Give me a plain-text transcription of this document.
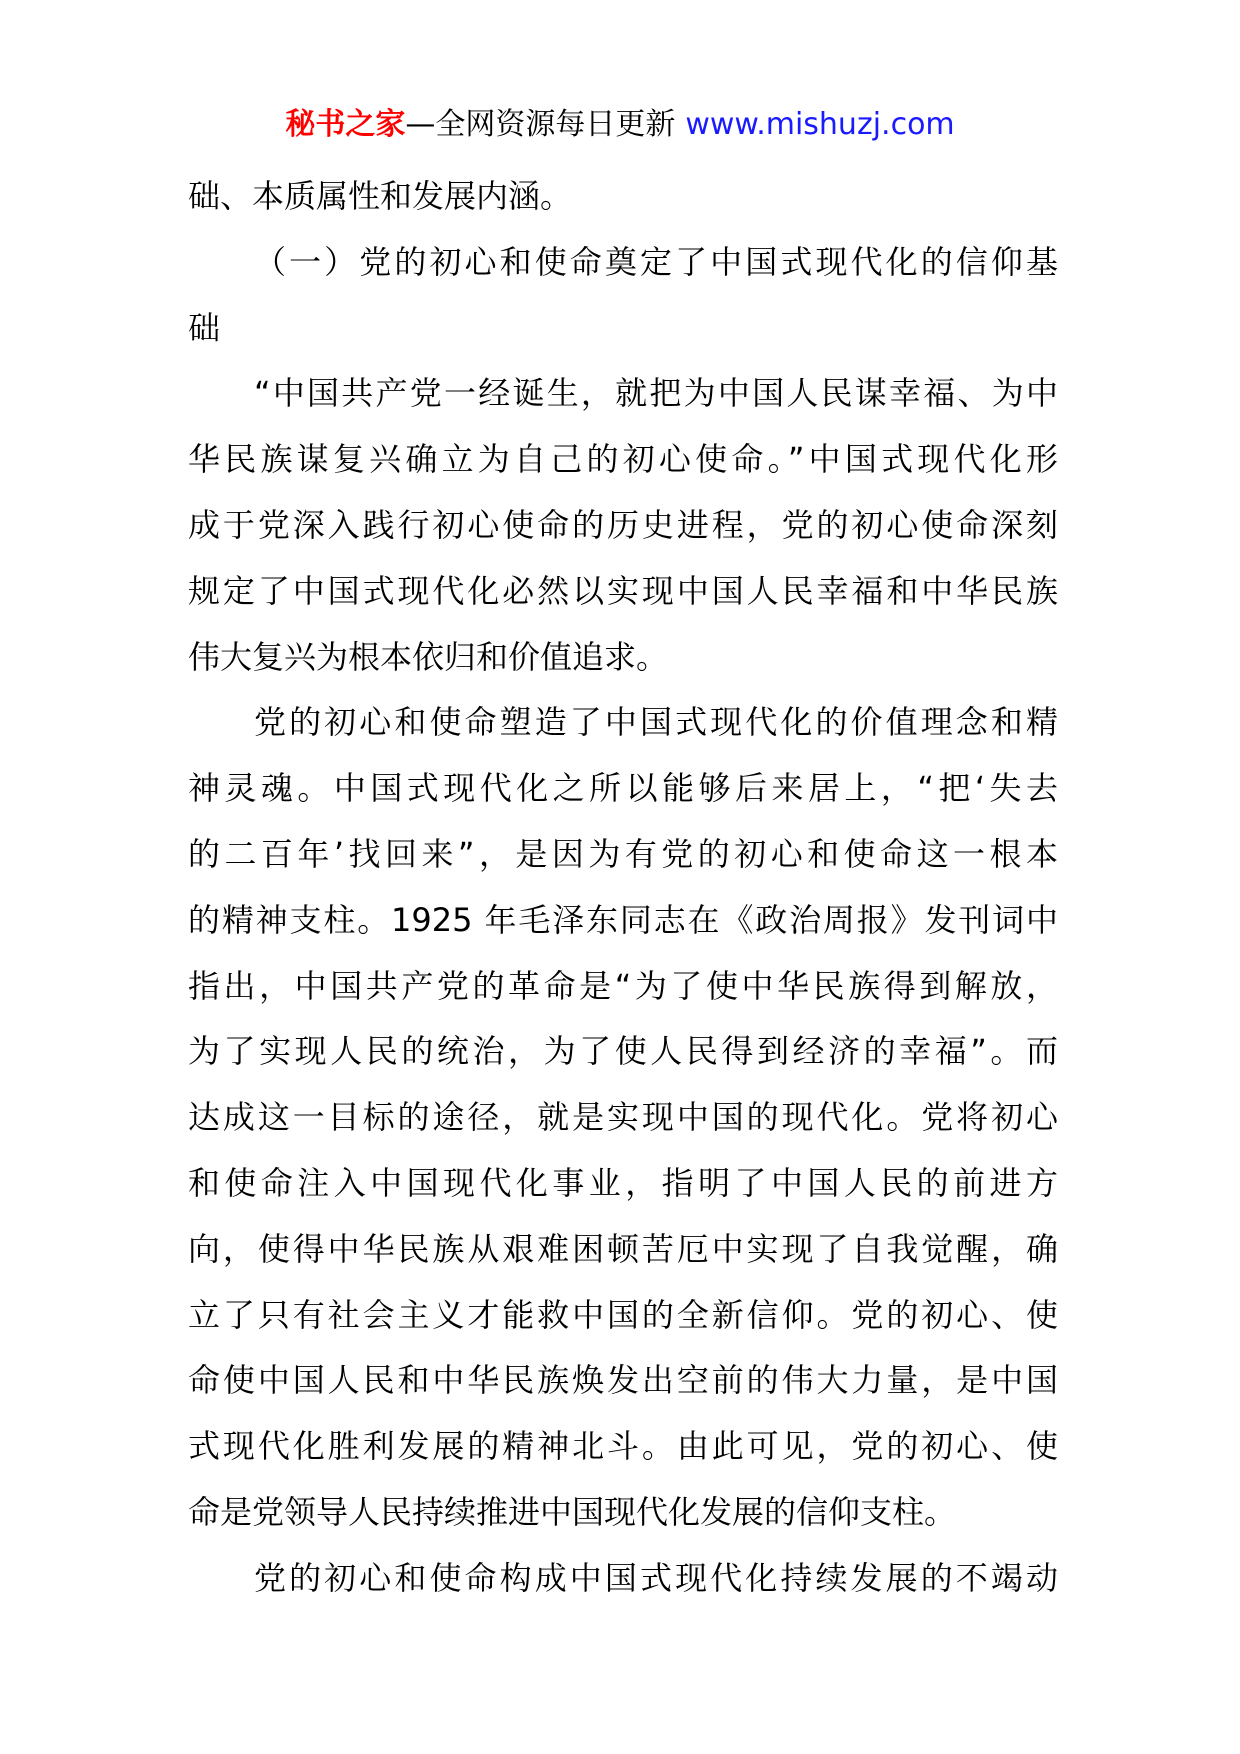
秘书之家—全网资源每日更新 www.mishuzj.com
础、本质属性和发展内涵。
（一）党的初心和使命奠定了中国式现代化的信仰基
础
“中国共产党一经诞生，就把为中国人民谋幸福、为中
华民族谋复兴确立为自己的初心使命。”中国式现代化形
成于党深入践行初心使命的历史进程，党的初心使命深刻
规定了中国式现代化必然以实现中国人民幸福和中华民族
伟大复兴为根本依归和价值追求。
党的初心和使命塑造了中国式现代化的价值理念和精
神灵魂。中国式现代化之所以能够后来居上，“把‘失去
的二百年’找回来”，是因为有党的初心和使命这一根本
的精神支柱。1925 年毛泽东同志在《政治周报》发刊词中
指出，中国共产党的革命是“为了使中华民族得到解放，
为了实现人民的统治，为了使人民得到经济的幸福”。而
达成这一目标的途径，就是实现中国的现代化。党将初心
和使命注入中国现代化事业，指明了中国人民的前进方
向，使得中华民族从艰难困顿苦厄中实现了自我觉醒，确
立了只有社会主义才能救中国的全新信仰。党的初心、使
命使中国人民和中华民族焕发出空前的伟大力量，是中国
式现代化胜利发展的精神北斗。由此可见，党的初心、使
命是党领导人民持续推进中国现代化发展的信仰支柱。
党的初心和使命构成中国式现代化持续发展的不竭动
